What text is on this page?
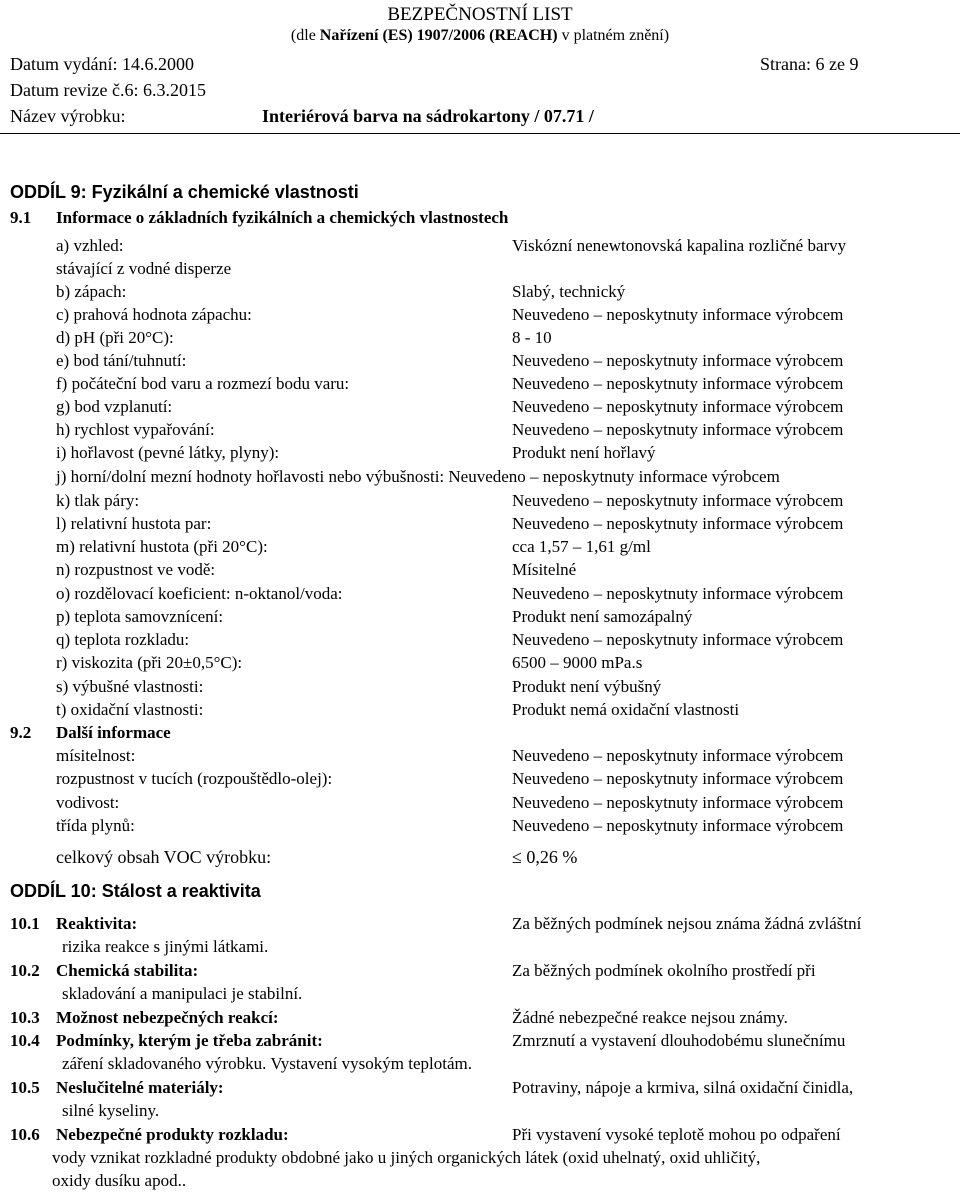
BEZPEČNOSTNÍ LIST
(dle Nařízení (ES) 1907/2006 (REACH) v platném znění)
Datum vydání: 14.6.2000	Strana: 6 ze 9
Datum revize č.6: 6.3.2015
Název výrobku:	Interiérová barva na sádrokartony / 07.71 /
ODDÍL 9: Fyzikální a chemické vlastnosti
9.1 Informace o základních fyzikálních a chemických vlastnostech
a) vzhled:	Viskózní nenewtonovská kapalina rozličné barvy
stávající z vodné disperze
b) zápach:	Slabý, technický
c) prahová hodnota zápachu:	Neuvedeno – neposkytnuty informace výrobcem
d) pH (při 20°C):	8 - 10
e) bod tání/tuhnutí:	Neuvedeno – neposkytnuty informace výrobcem
f) počáteční bod varu a rozmezí bodu varu:	Neuvedeno – neposkytnuty informace výrobcem
g) bod vzplanutí:	Neuvedeno – neposkytnuty informace výrobcem
h) rychlost vypařování:	Neuvedeno – neposkytnuty informace výrobcem
i) hořlavost (pevné látky, plyny):	Produkt není hořlavý
j) horní/dolní mezní hodnoty hořlavosti nebo výbušnosti: Neuvedeno – neposkytnuty informace výrobcem
k) tlak páry:	Neuvedeno – neposkytnuty informace výrobcem
l) relativní hustota par:	Neuvedeno – neposkytnuty informace výrobcem
m) relativní hustota (při 20°C):	cca 1,57 – 1,61 g/ml
n) rozpustnost ve vodě:	Mísitelné
o) rozdělovací koeficient: n-oktanol/voda:	Neuvedeno – neposkytnuty informace výrobcem
p) teplota samovznícení:	Produkt není samozápalný
q) teplota rozkladu:	Neuvedeno – neposkytnuty informace výrobcem
r) viskozita (při 20±0,5°C):	6500 – 9000 mPa.s
s) výbušné vlastnosti:	Produkt není výbušný
t) oxidační vlastnosti:	Produkt nemá oxidační vlastnosti
9.2 Další informace
mísitelnost:	Neuvedeno – neposkytnuty informace výrobcem
rozpustnost v tucích (rozpouštědlo-olej):	Neuvedeno – neposkytnuty informace výrobcem
vodivost:	Neuvedeno – neposkytnuty informace výrobcem
třída plynů:	Neuvedeno – neposkytnuty informace výrobcem
celkový obsah VOC výrobku:	≤ 0,26 %
ODDÍL 10: Stálost a reaktivita
10.1 Reaktivita:	Za běžných podmínek nejsou známa žádná zvláštní
rizika reakce s jinými látkami.
10.2 Chemická stabilita:	Za běžných podmínek okolního prostředí při
skladování a manipulaci je stabilní.
10.3 Možnost nebezpečných reakcí:	Žádné nebezpečné reakce nejsou známy.
10.4 Podmínky, kterým je třeba zabránit:	Zmrznutí a vystavení dlouhodobému slunečnímu
záření skladovaného výrobku. Vystavení vysokým teplotám.
10.5 Neslučitelné materiály:	Potraviny, nápoje a krmiva, silná oxidační činidla,
silné kyseliny.
10.6 Nebezpečné produkty rozkladu:	Při vystavení vysoké teplotě mohou po odpaření
vody vznikat rozkladné produkty obdobné jako u jiných organických látek (oxid uhelnatý, oxid uhličitý,
oxidy dusíku apod..
